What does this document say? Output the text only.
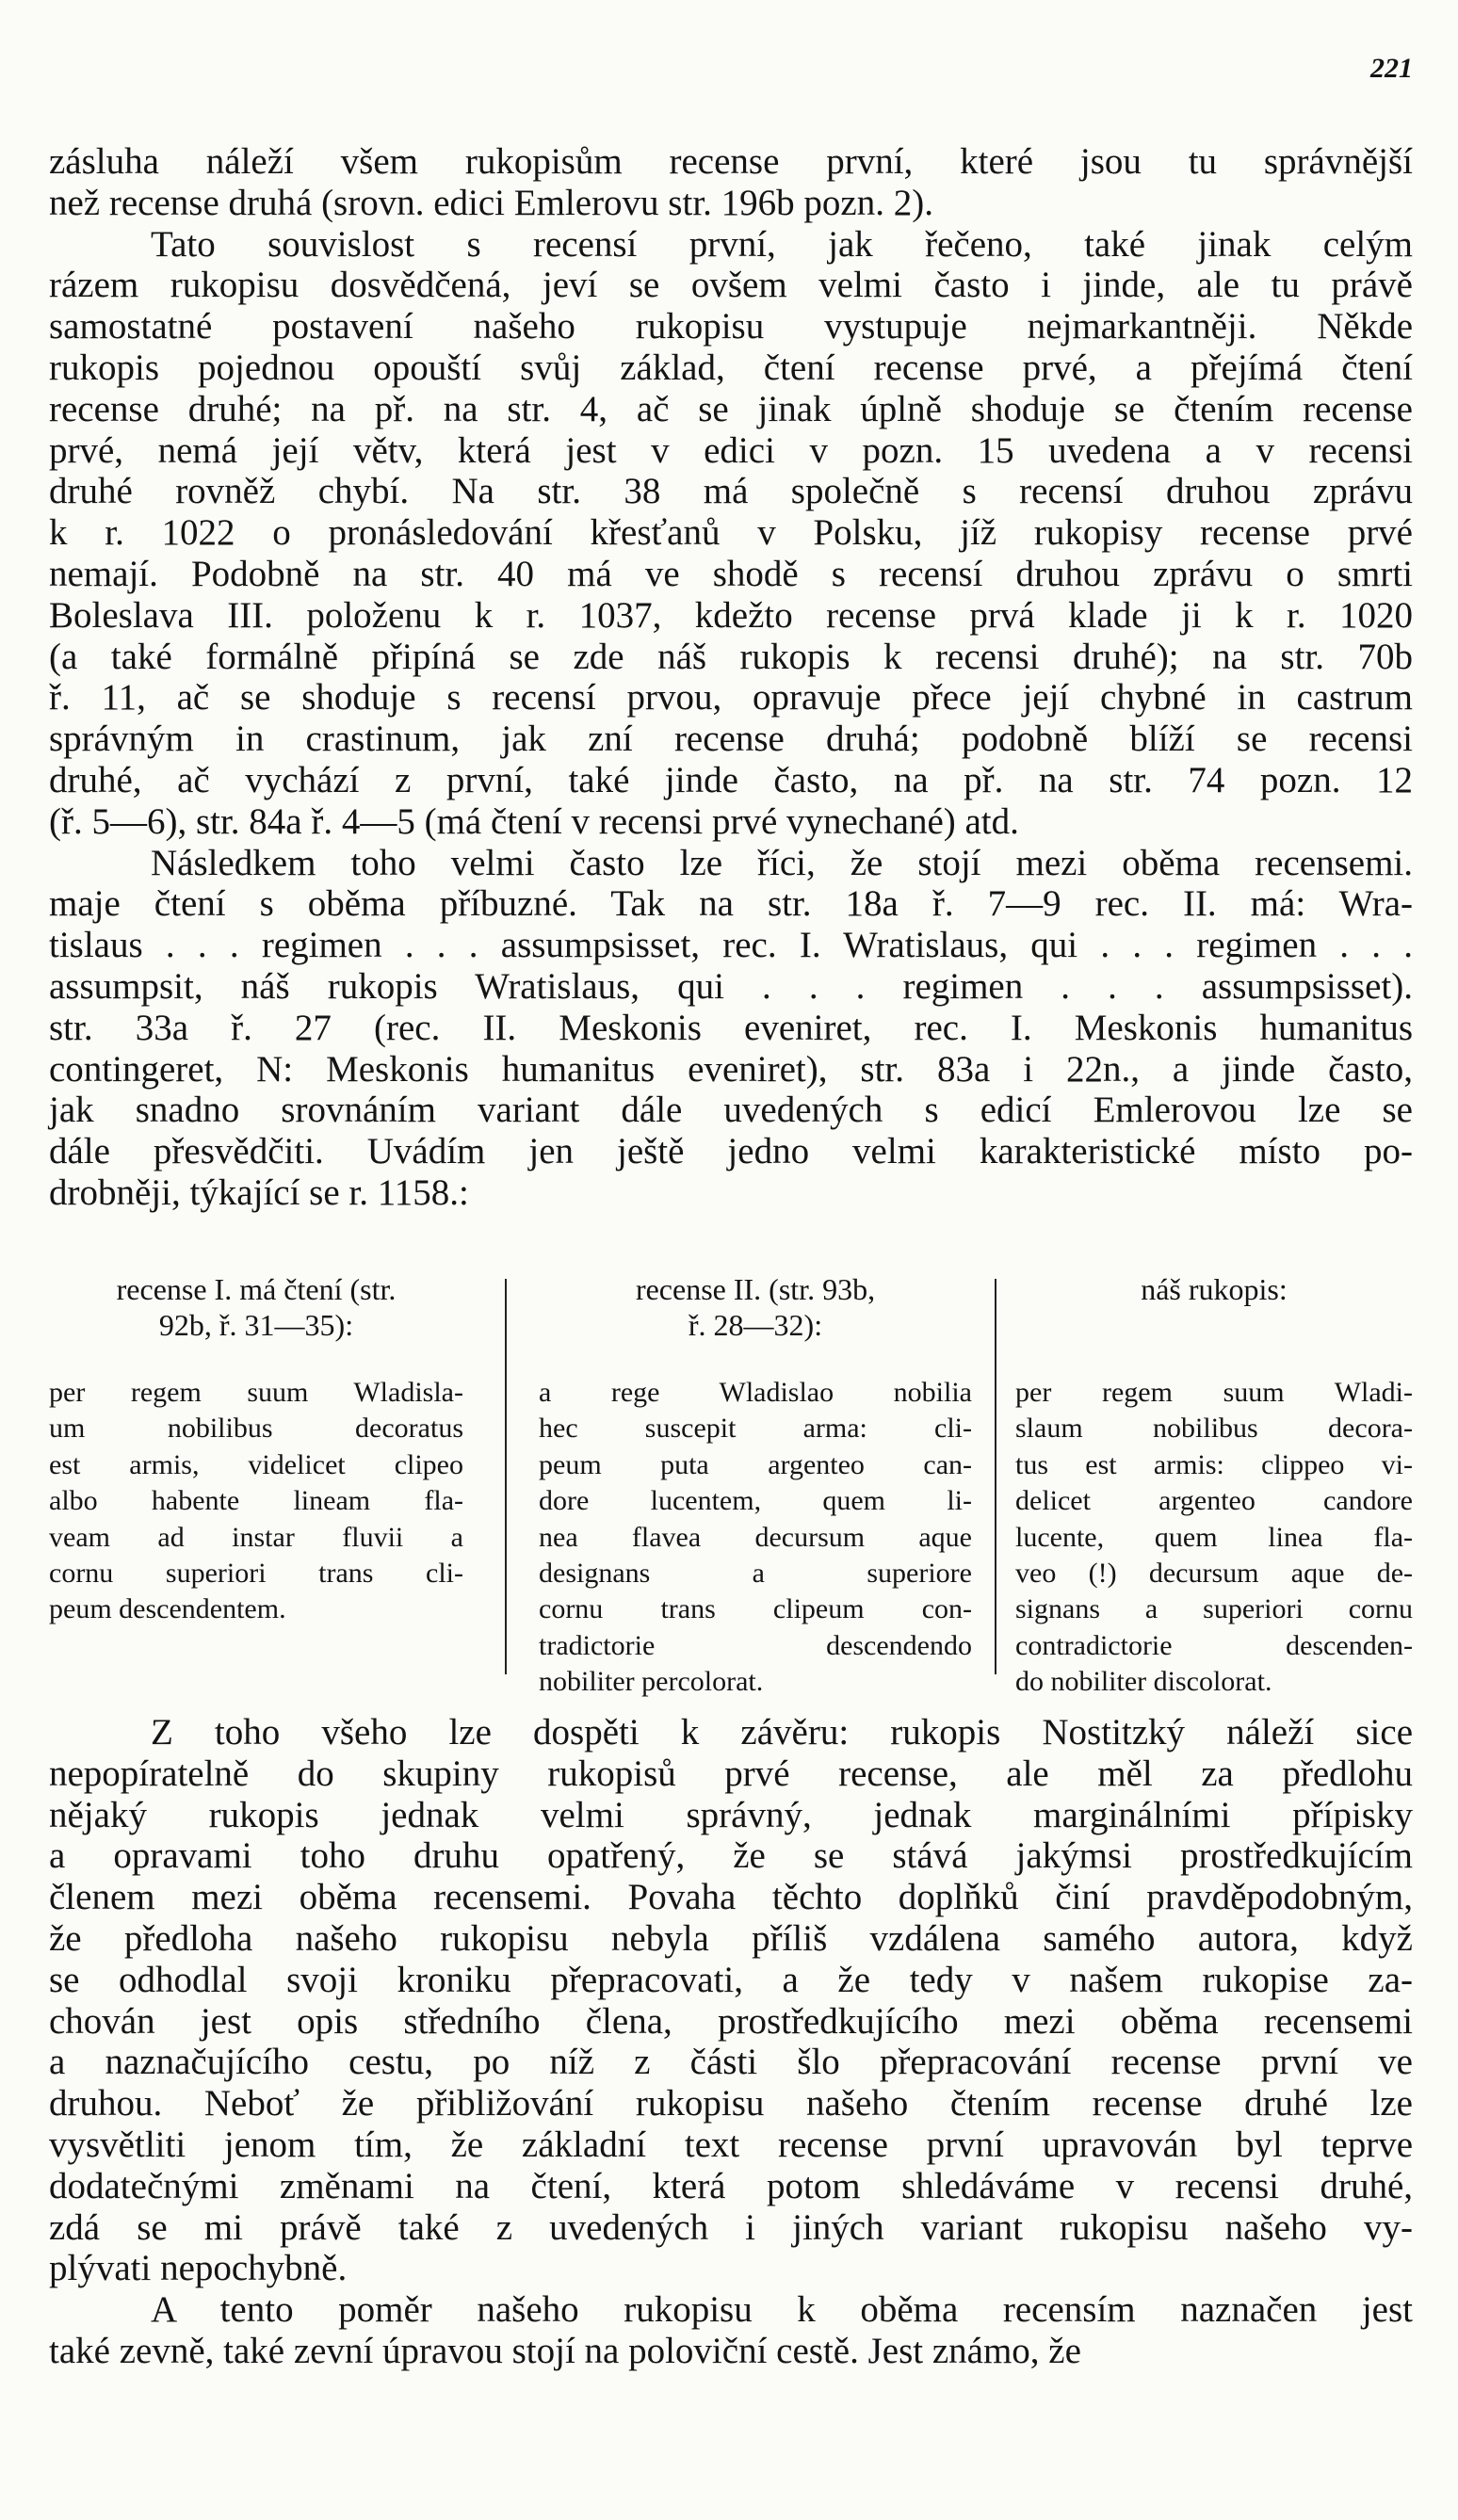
221
zásluha náleží všem rukopisům recense první, které jsou tu správnější
než recense druhá (srovn. edici Emlerovu str. 196b pozn. 2).
Tato souvislost s recensí první, jak řečeno, také jinak celým
rázem rukopisu dosvědčená, jeví se ovšem velmi často i jinde, ale tu právě
samostatné postavení našeho rukopisu vystupuje nejmarkantněji. Někde
rukopis pojednou opouští svůj základ, čtení recense prvé, a přejímá čtení
recense druhé; na př. na str. 4, ač se jinak úplně shoduje se čtením recense
prvé, nemá její větv, která jest v edici v pozn. 15 uvedena a v recensi
druhé rovněž chybí. Na str. 38 má společně s recensí druhou zprávu
k r. 1022 o pronásledování křesťanů v Polsku, jíž rukopisy recense prvé
nemají. Podobně na str. 40 má ve shodě s recensí druhou zprávu o smrti
Boleslava III. položenu k r. 1037, kdežto recense prvá klade ji k r. 1020
(a také formálně připíná se zde náš rukopis k recensi druhé); na str. 70b
ř. 11, ač se shoduje s recensí prvou, opravuje přece její chybné in castrum
správným in crastinum, jak zní recense druhá; podobně blíží se recensi
druhé, ač vychází z první, také jinde často, na př. na str. 74 pozn. 12
(ř. 5—6), str. 84a ř. 4—5 (má čtení v recensi prvé vynechané) atd.
Následkem toho velmi často lze říci, že stojí mezi oběma recensemi.
maje čtení s oběma příbuzné. Tak na str. 18a ř. 7—9 rec. II. má: Wra-
tislaus . . . regimen . . . assumpsisset, rec. I. Wratislaus, qui . . . regimen . . .
assumpsit, náš rukopis Wratislaus, qui . . . regimen . . . assumpsisset).
str. 33a ř. 27 (rec. II. Meskonis eveniret, rec. I. Meskonis humanitus
contingeret, N: Meskonis humanitus eveniret), str. 83a i 22n., a jinde často,
jak snadno srovnáním variant dále uvedených s edicí Emlerovou lze se
dále přesvědčiti. Uvádím jen ještě jedno velmi karakteristické místo po-
drobněji, týkající se r. 1158.:
recense I. má čtení (str.
92b, ř. 31—35):
per regem suum Wladisla-
um nobilibus decoratus
est armis, videlicet clipeo
albo habente lineam fla-
veam ad instar fluvii a
cornu superiori trans cli-
peum descendentem.
recense II. (str. 93b,
ř. 28—32):
a rege Wladislao nobilia
hec suscepit arma: cli-
peum puta argenteo can-
dore lucentem, quem li-
nea flavea decursum aque
designans a superiore
cornu trans clipeum con-
tradictorie descendendo
nobiliter percolorat.
náš rukopis:
per regem suum Wladi-
slaum nobilibus decora-
tus est armis: clippeo vi-
delicet argenteo candore
lucente, quem linea fla-
veo (!) decursum aque de-
signans a superiori cornu
contradictorie descenden-
do nobiliter discolorat.
Z toho všeho lze dospěti k závěru: rukopis Nostitzký náleží sice
nepopíratelně do skupiny rukopisů prvé recense, ale měl za předlohu
nějaký rukopis jednak velmi správný, jednak marginálními přípisky
a opravami toho druhu opatřený, že se stává jakýmsi prostředkujícím
členem mezi oběma recensemi. Povaha těchto doplňků činí pravděpodobným,
že předloha našeho rukopisu nebyla příliš vzdálena samého autora, když
se odhodlal svoji kroniku přepracovati, a že tedy v našem rukopise za-
chován jest opis středního člena, prostředkujícího mezi oběma recensemi
a naznačujícího cestu, po níž z části šlo přepracování recense první ve
druhou. Neboť že přibližování rukopisu našeho čtením recense druhé lze
vysvětliti jenom tím, že základní text recense první upravován byl teprve
dodatečnými změnami na čtení, která potom shledáváme v recensi druhé,
zdá se mi právě také z uvedených i jiných variant rukopisu našeho vy-
plývati nepochybně.
A tento poměr našeho rukopisu k oběma recensím naznačen jest
také zevně, také zevní úpravou stojí na poloviční cestě. Jest známo, že
